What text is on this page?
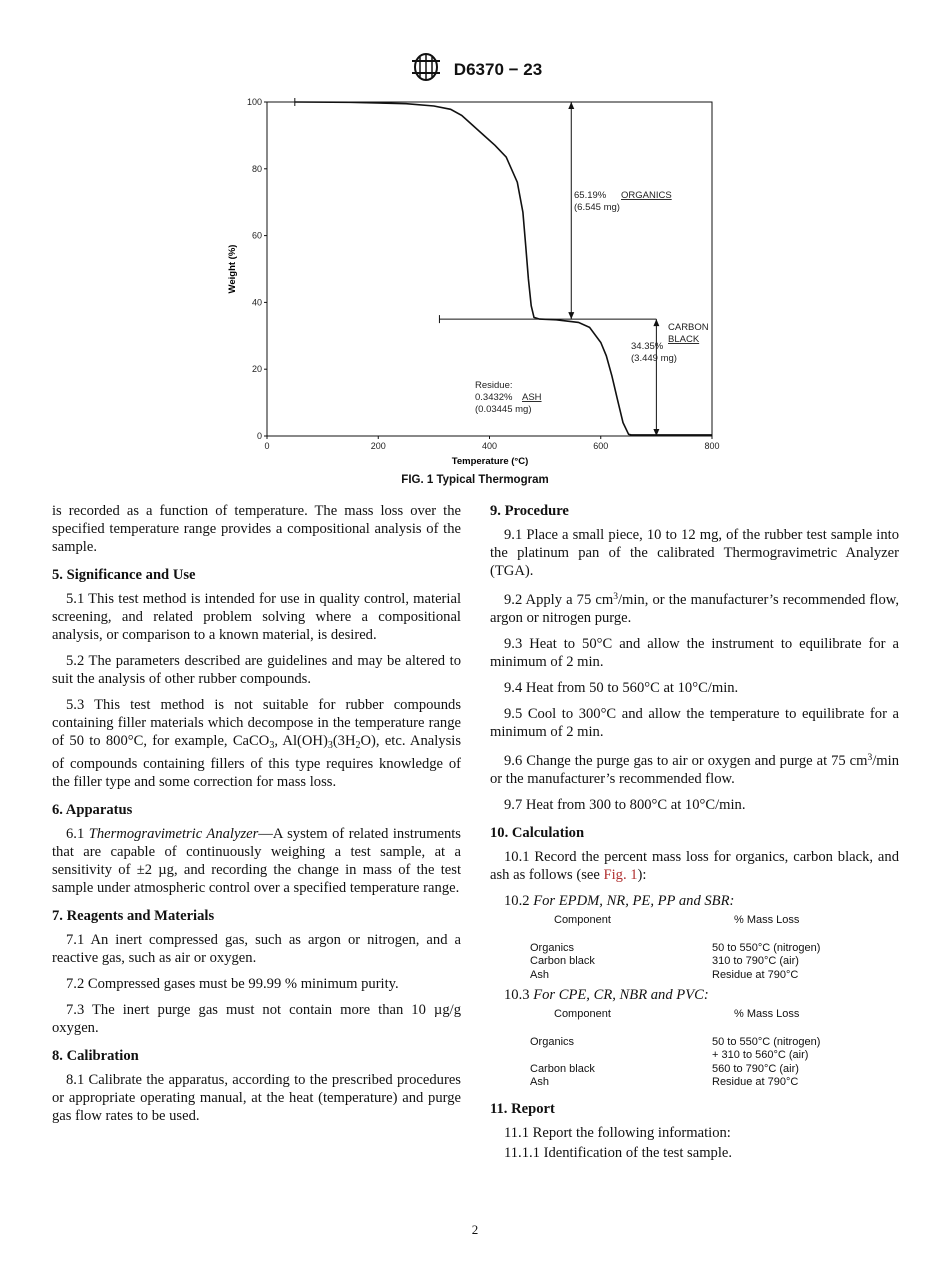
D6370 − 23
0	200	400	600	800
0
20
40
60
80
100
65.19% ORGANICS
(6.545 mg)
CARBON
BLACK
34.35%
(3.449 mg)
Residue:
0.3432% ASH
(0.03445 mg)
Temperature (°C)
Weight (%)
FIG. 1 Typical Thermogram

is recorded as a function of temperature. The mass loss over the specified temperature range provides a compositional analysis of the sample.

5. Significance and Use

5.1 This test method is intended for use in quality control, material screening, and related problem solving where a compositional analysis, or comparison to a known material, is desired.

5.2 The parameters described are guidelines and may be altered to suit the analysis of other rubber compounds.

5.3 This test method is not suitable for rubber compounds containing filler materials which decompose in the temperature range of 50 to 800°C, for example, CaCO$_3$, $Al(OH)_3(3H_2O)$, etc. Analysis of compounds containing fillers of this type requires knowledge of the filler type and some correction for mass loss.

6. Apparatus

6.1 Thermogravimetric Analyzer—A system of related instruments that are capable of continuously weighing a test sample, at a sensitivity of ±2 µg, and recording the change in mass of the test sample under atmospheric control over a specified temperature range.

7. Reagents and Materials

7.1 An inert compressed gas, such as argon or nitrogen, and a reactive gas, such as air or oxygen.

7.2 Compressed gases must be 99.99 % minimum purity.

7.3 The inert purge gas must not contain more than 10 µg/g oxygen.

8. Calibration

8.1 Calibrate the apparatus, according to the prescribed procedures or appropriate operating manual, at the heat (temperature) and purge gas flow rates to be used.

9. Procedure

9.1 Place a small piece, 10 to 12 mg, of the rubber test sample into the platinum pan of the calibrated Thermogravimetric Analyzer (TGA).

9.2 Apply a 75 $cm^3/\min$, or the manufacturer’s recommended flow, argon or nitrogen purge.

9.3 Heat to 50°C and allow the instrument to equilibrate for a minimum of 2 min.

9.4 Heat from 50 to 560°C at 10°C/min.

9.5 Cool to 300°C and allow the temperature to equilibrate for a minimum of 2 min.

9.6 Change the purge gas to air or oxygen and purge at 75 $cm^3/\min$ or the manufacturer’s recommended flow.

9.7 Heat from 300 to 800°C at 10°C/min.

10. Calculation

10.1 Record the percent mass loss for organics, carbon black, and ash as follows (see Fig. 1):

10.2 For EPDM, NR, PE, PP and SBR:

Component	% Mass Loss
Organics	50 to 550°C (nitrogen)
Carbon black	310 to 790°C (air)
Ash	Residue at 790°C

10.3 For CPE, CR, NBR and PVC:

Component	% Mass Loss
Organics	50 to 550°C (nitrogen)
	+ 310 to 560°C (air)
Carbon black	560 to 790°C (air)
Ash	Residue at 790°C
11. Report

11.1 Report the following information:

11.1.1 Identification of the test sample.

2
